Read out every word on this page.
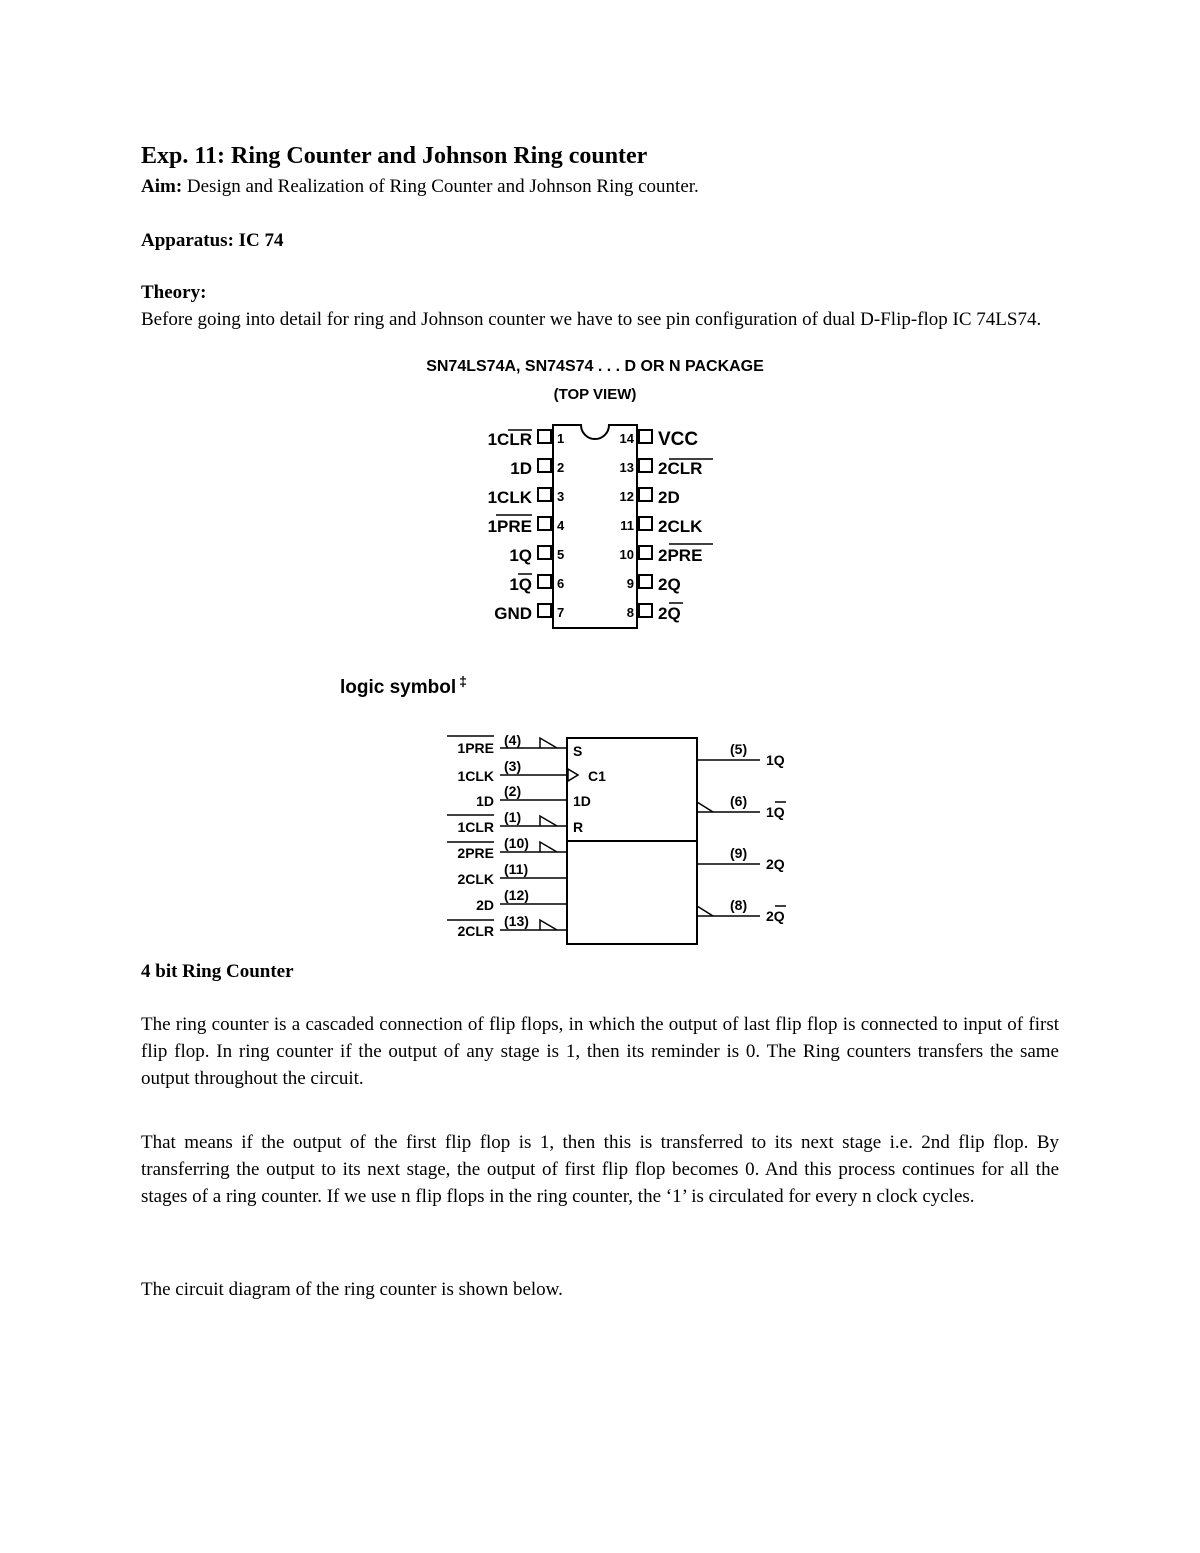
Exp. 11: Ring Counter and Johnson Ring counter
Aim: Design and Realization of Ring Counter and Johnson Ring counter.
Apparatus: IC 74
Theory:
Before going into detail for ring and Johnson counter we have to see pin configuration of dual D-Flip-flop IC 74LS74.
SN74LS74A, SN74S74 . . . D OR N PACKAGE
(TOP VIEW)
1CLR 1
1D 2
1CLK 3
1PRE 4
1Q 5
1Q 6
GND 7
14 VCC
13 2CLR
12 2D
11 2CLK
10 2PRE
9 2Q
8 2Q
logic symbol ‡
S
C1
1D
R
1PRE (4)
1CLK
(3)
1D
(2)
1CLR
(1)
2PRE
(10)
2CLK
(11)
2D
(12)
2CLR
(13)
(5)
1Q
(6)
1Q
(9)
2Q
(8)
2Q
4 bit Ring Counter
The ring counter is a cascaded connection of flip flops, in which the output of last flip flop is connected to input of first flip flop. In ring counter if the output of any stage is 1, then its reminder is 0. The Ring counters transfers the same output throughout the circuit.
That means if the output of the first flip flop is 1, then this is transferred to its next stage i.e. 2nd flip flop. By transferring the output to its next stage, the output of first flip flop becomes 0. And this process continues for all the stages of a ring counter. If we use n flip flops in the ring counter, the ‘1’ is circulated for every n clock cycles.
The circuit diagram of the ring counter is shown below.
